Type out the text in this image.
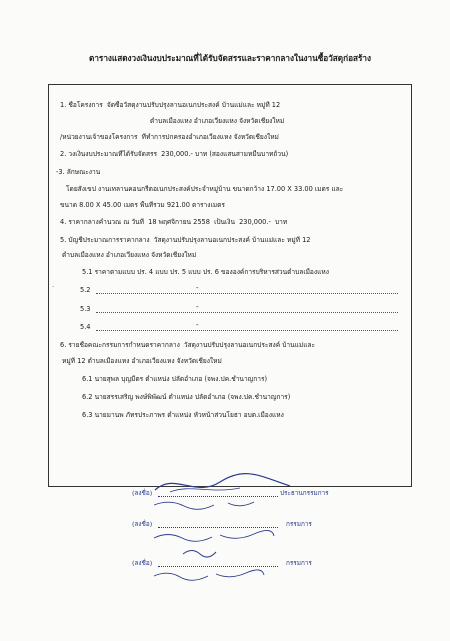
ตารางแสดงวงเงินงบประมาณที่ได้รับจัดสรรและราคากลางในงานซื้อวัสดุก่อสร้าง
1. ชื่อโครงการ จัดซื้อวัสดุงานปรับปรุงลานอเนกประสงค์ บ้านแม่และ หมู่ที่ 12
ตำบลเมืองแหง อำเภอเวียงแหง จังหวัดเชียงใหม่
/หน่วยงานเจ้าของโครงการ ที่ทำการปกครองอำเภอเวียงแหง จังหวัดเชียงใหม่
2. วงเงินงบประมาณที่ได้รับจัดสรร 230,000.- บาท (สองแสนสามหมื่นบาทถ้วน)
-3. ลักษณะงาน
โดยสังเขป งานเทลานคอนกรีตอเนกประสงค์ประจำหมู่บ้าน ขนาดกว้าง 17.00 X 33.00 เมตร และ
ขนาด 8.00 X 45.00 เมตร พื้นที่รวม 921.00 ตารางเมตร
4. ราคากลางคำนวณ ณ วันที่ 18 พฤศจิกายน 2558 เป็นเงิน 230,000.- บาท
5. บัญชีประมาณการราคากลาง วัสดุงานปรับปรุงลานอเนกประสงค์ บ้านแม่และ หมู่ที่ 12
ตำบลเมืองแหง อำเภอเวียงแหง จังหวัดเชียงใหม่
5.1 ราคาตามแบบ ปร. 4 แบบ ปร. 5 แบบ ปร. 6 ขององค์การบริหารส่วนตำบลเมืองแหง
5.2	-
5.3	-
5.4	-
6. รายชื่อคณะกรรมการกำหนดราคากลาง วัสดุงานปรับปรุงลานอเนกประสงค์ บ้านแม่และ
หมู่ที่ 12 ตำบลเมืองแหง อำเภอเวียงแหง จังหวัดเชียงใหม่
6.1 นายสุพล บุญมีตร ตำแหน่ง ปลัดอำเภอ (จพง.ปค.ชำนาญการ)
6.2 นายสรรเสริญ พงษ์พิพัฒน์ ตำแหน่ง ปลัดอำเภอ (จพง.ปค.ชำนาญการ)
6.3 นายมานพ ภัทรประภาพร ตำแหน่ง หัวหน้าส่วนโยธา อบต.เมืองแหง
(ลงชื่อ)	ประธานกรรมการ
(ลงชื่อ)	กรรมการ
(ลงชื่อ)	กรรมการ
·
